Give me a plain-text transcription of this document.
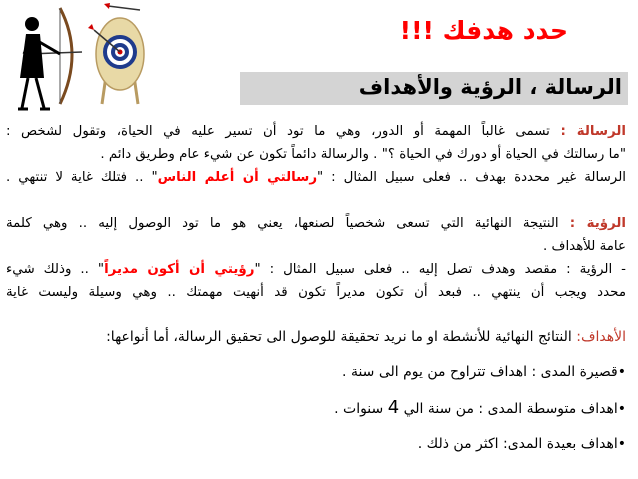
حدد هدفك !!!
الرسالة ، الرؤية والأهداف
الرسالة : تسمى غالباً المهمة أو الدور، وهي ما تود أن تسير عليه في الحياة، وتقول لشخص :
"ما رسالتك في الحياة أو دورك في الحياة ؟" . والرسالة دائماً تكون عن شيء عام وطريق دائم .
الرسالة غير محددة بهدف .. فعلى سبيل المثال : "رسالتي أن أعلم الناس" .. فتلك غاية لا تنتهي .
الرؤية : النتيجة النهائية التي تسعى شخصياً لصنعها، يعني هو ما تود الوصول إليه .. وهي كلمة
عامة للأهداف .
- الرؤية : مقصد وهدف تصل إليه .. فعلى سبيل المثال : "رؤيتي أن أكون مديراً" .. وذلك شيء
محدد ويجب أن ينتهي .. فبعد أن تكون مديراً تكون قد أنهيت مهمتك .. وهي وسيلة وليست غاية
الأهداف: النتائج النهائية للأنشطة او ما نريد تحقيقة للوصول الى تحقيق الرسالة، أما أنواعها:
•قصيرة المدى : اهداف تتراوح من يوم الى سنة .
•اهداف متوسطة المدى : من سنة الي 4 سنوات .
•اهداف بعيدة المدى: اكثر من ذلك .
